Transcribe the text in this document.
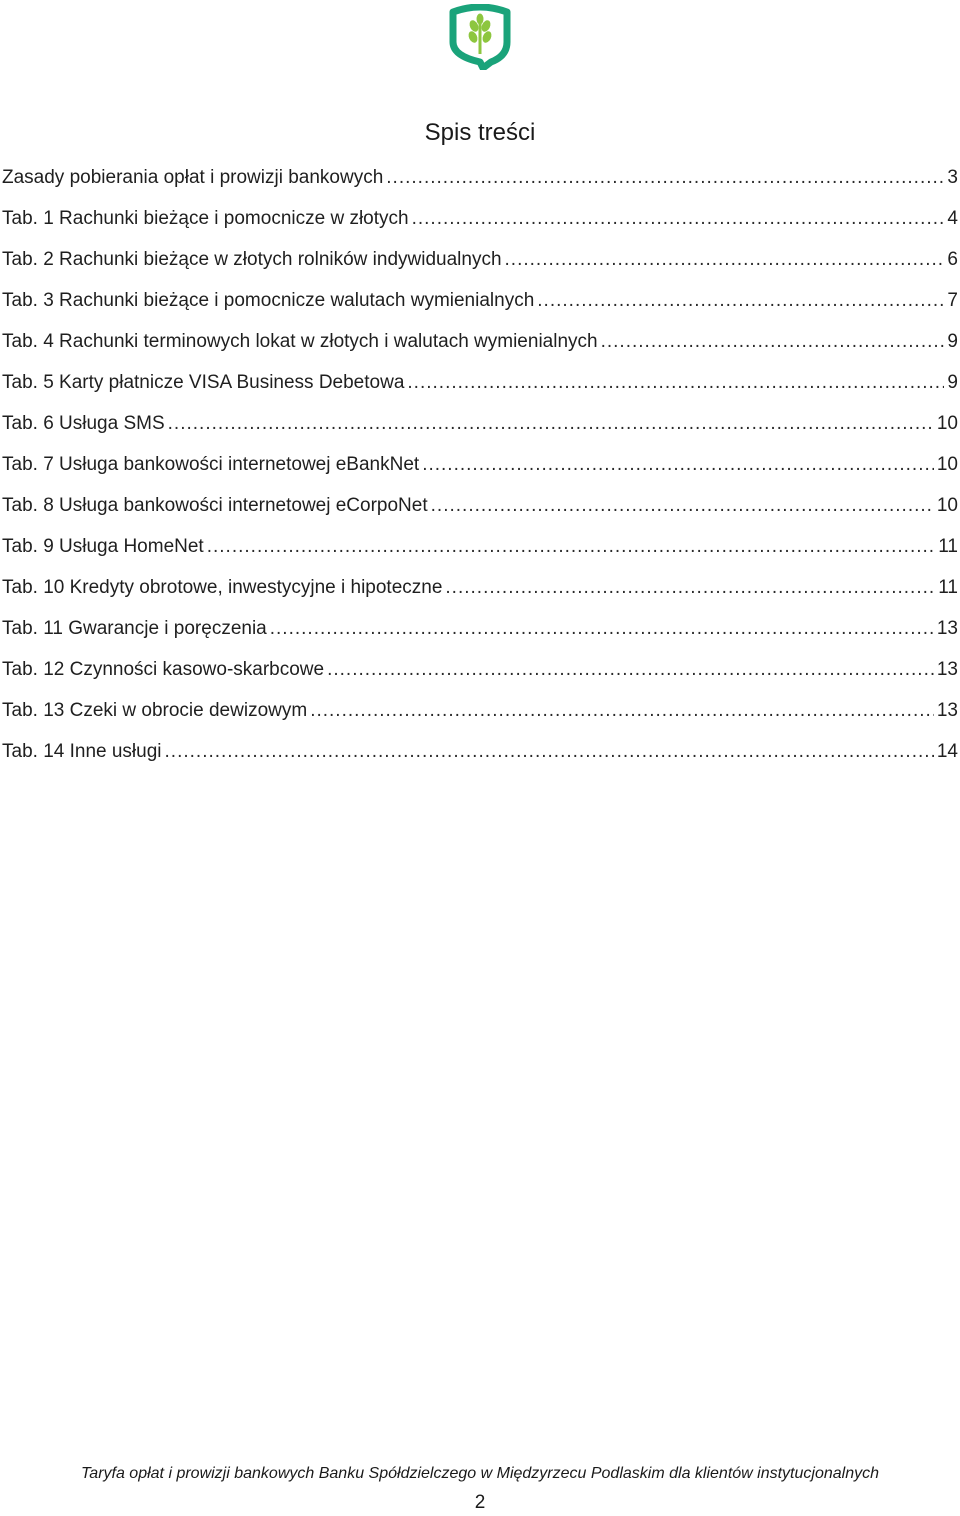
Spis treści
Zasady pobierania opłat i prowizji bankowych .....	3
Tab. 1 Rachunki bieżące i pomocnicze w złotych .....	4
Tab. 2 Rachunki bieżące w złotych rolników indywidualnych .....	6
Tab. 3 Rachunki bieżące i pomocnicze walutach wymienialnych .....	7
Tab. 4 Rachunki terminowych lokat w złotych i walutach wymienialnych .....	9
Tab. 5 Karty płatnicze VISA Business Debetowa .....	9
Tab. 6 Usługa SMS .....	10
Tab. 7 Usługa bankowości internetowej eBankNet .....	10
Tab. 8 Usługa bankowości internetowej eCorpoNet .....	10
Tab. 9 Usługa HomeNet .....	11
Tab. 10 Kredyty obrotowe, inwestycyjne i hipoteczne .....	11
Tab. 11 Gwarancje i poręczenia .....	13
Tab. 12 Czynności kasowo-skarbcowe .....	13
Tab. 13 Czeki w obrocie dewizowym .....	13
Tab. 14 Inne usługi .....	14
Taryfa opłat i prowizji bankowych Banku Spółdzielczego w Międzyrzecu Podlaskim dla klientów instytucjonalnych
2
